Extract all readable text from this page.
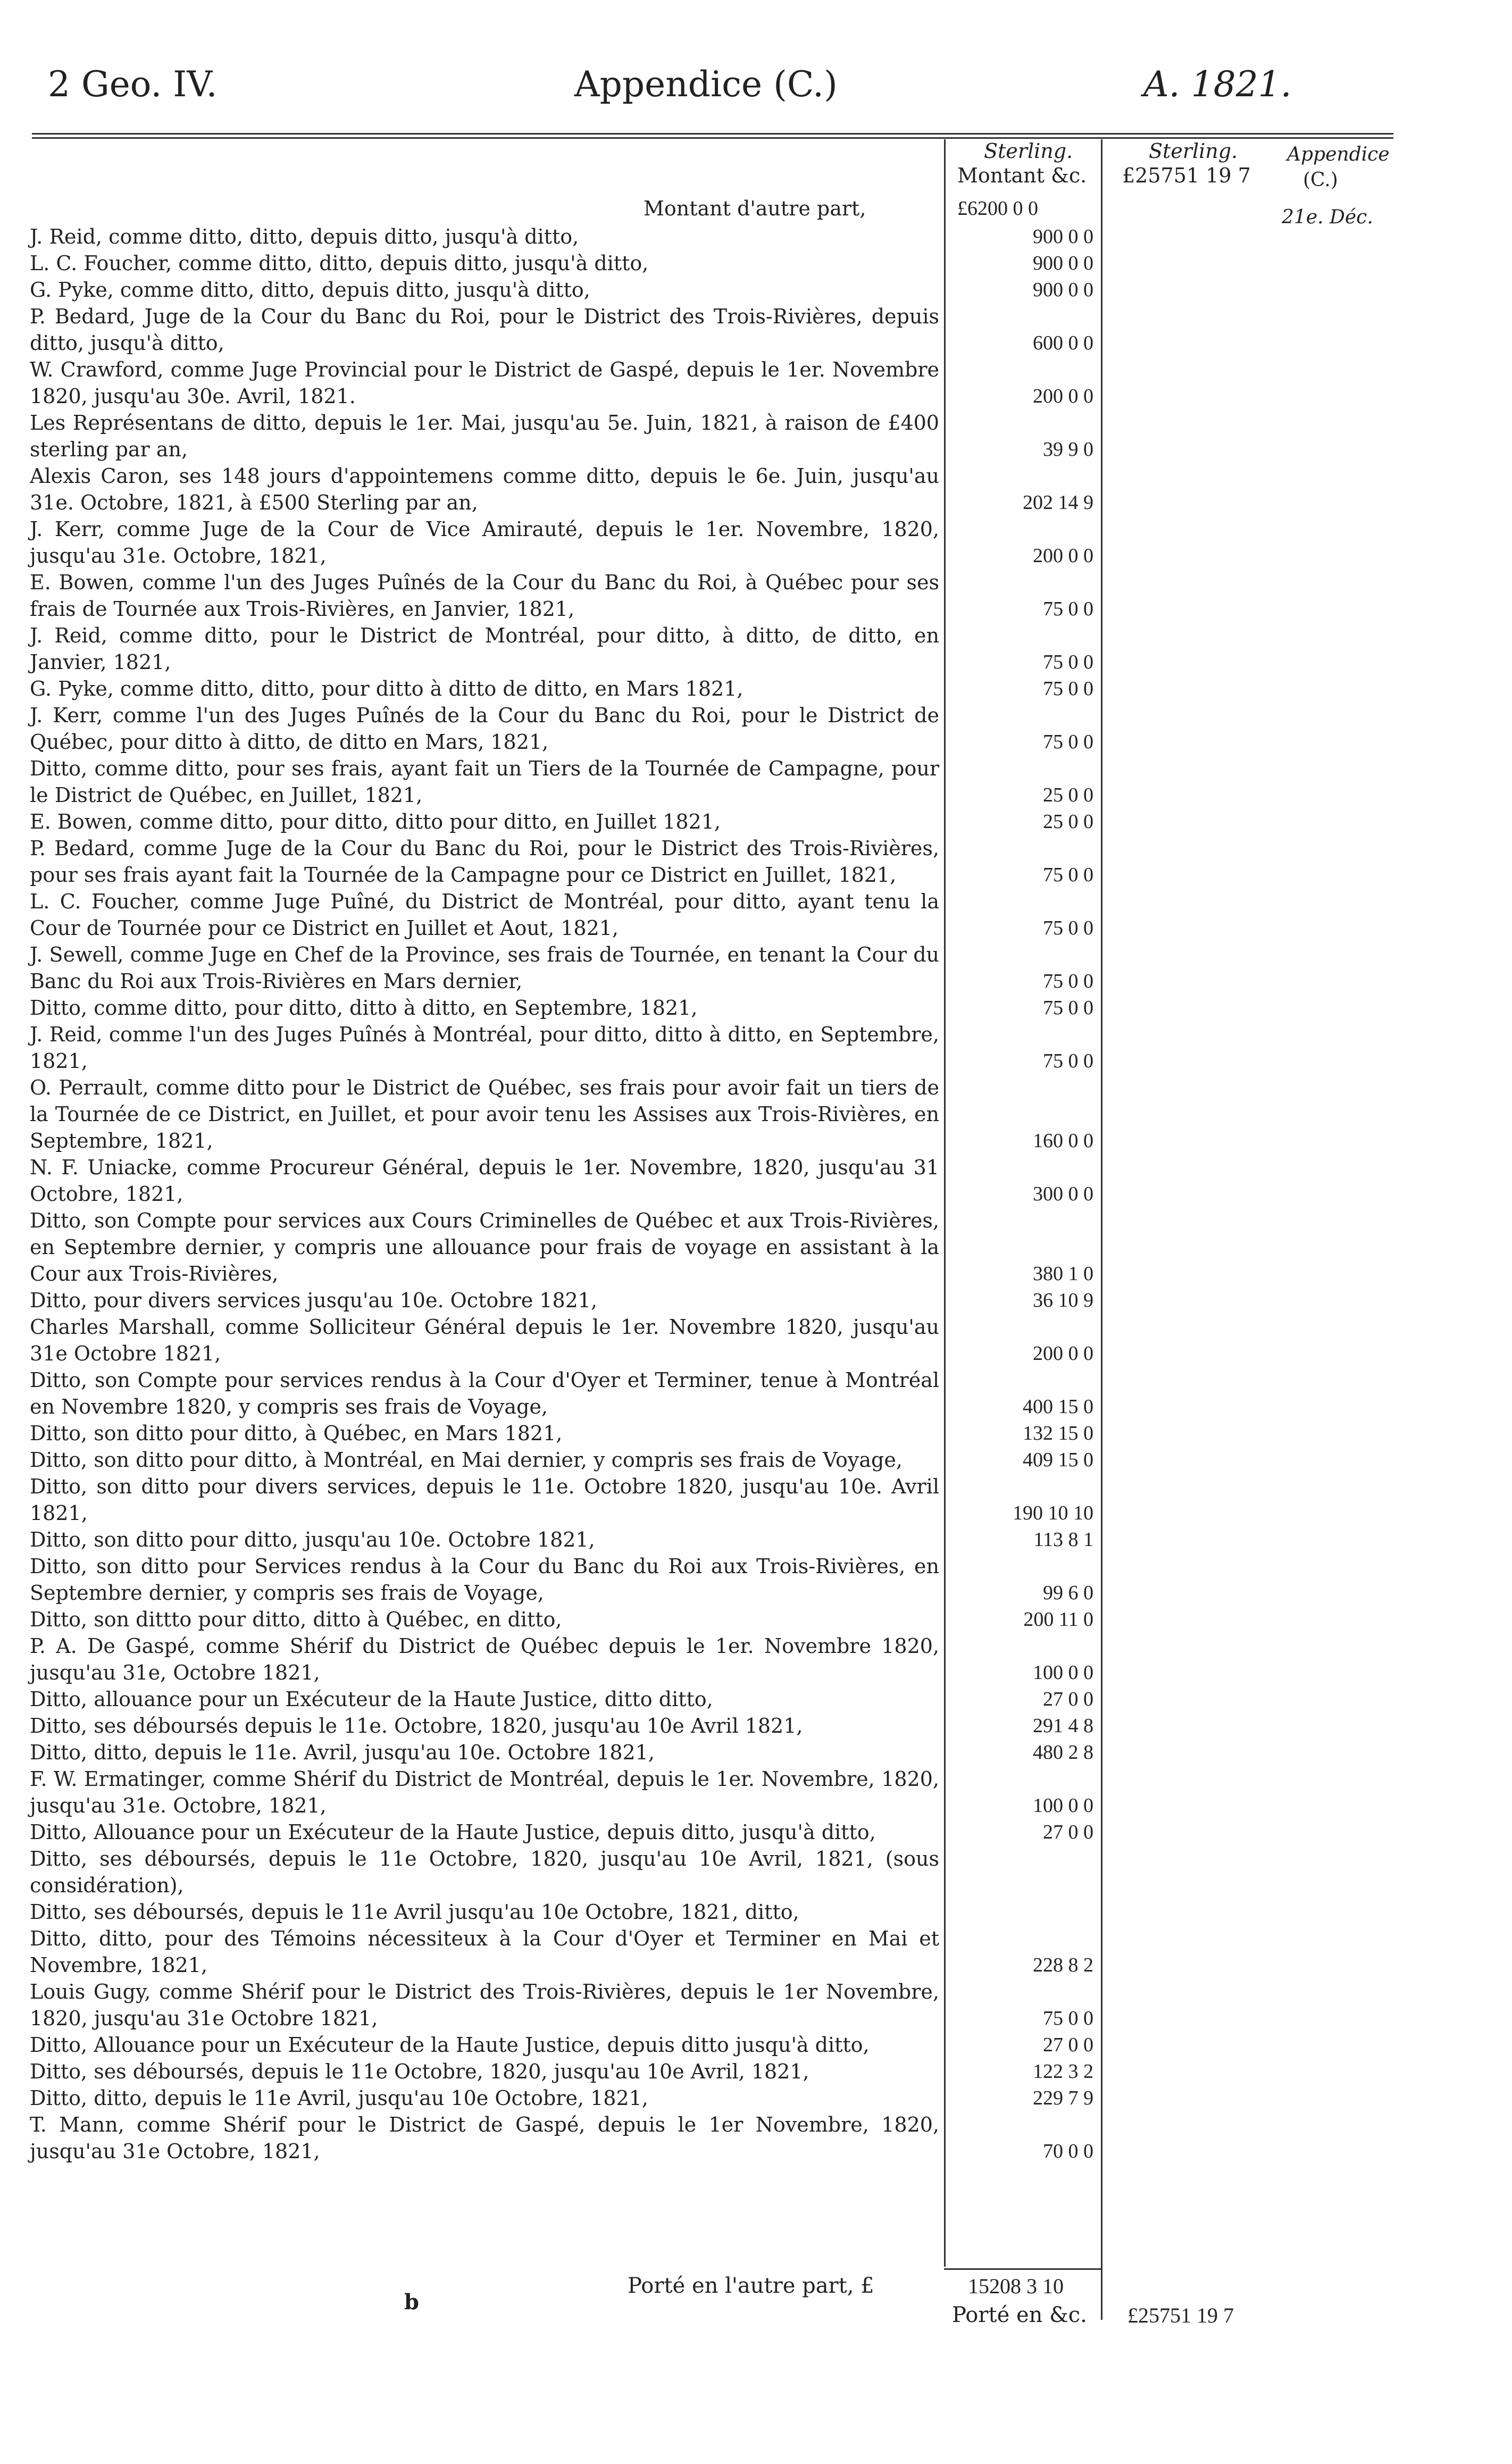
2 Geo. IV.	Appendice (C.)	A. 1821.
Sterling.
Montant &c.
Sterling.
£25751 19 7
Appendice
(C.)
21e. Déc.
Montant d'autre part,	£6200 0 0
J. Reid, comme ditto, ditto, depuis ditto, jusqu'à ditto,	900 0 0
L. C. Foucher, comme ditto, ditto, depuis ditto, jusqu'à ditto,	900 0 0
G. Pyke, comme ditto, ditto, depuis ditto, jusqu'à ditto,	900 0 0
P. Bedard, Juge de la Cour du Banc du Roi, pour le District des Trois-Rivières, depuis ditto, jusqu'à ditto,	600 0 0
W. Crawford, comme Juge Provincial pour le District de Gaspé, depuis le 1er. Novembre 1820, jusqu'au 30e. Avril, 1821.	200 0 0
Les Représentans de ditto, depuis le 1er. Mai, jusqu'au 5e. Juin, 1821, à raison de £400 sterling par an,	39 9 0
Alexis Caron, ses 148 jours d'appointemens comme ditto, depuis le 6e. Juin, jusqu'au 31e. Octobre, 1821, à £500 Sterling par an,	202 14 9
J. Kerr, comme Juge de la Cour de Vice Amirauté, depuis le 1er. Novembre, 1820, jusqu'au 31e. Octobre, 1821,	200 0 0
E. Bowen, comme l'un des Juges Puînés de la Cour du Banc du Roi, à Québec pour ses frais de Tournée aux Trois-Rivières, en Janvier, 1821,	75 0 0
J. Reid, comme ditto, pour le District de Montréal, pour ditto, à ditto, de ditto, en Janvier, 1821,	75 0 0
G. Pyke, comme ditto, ditto, pour ditto à ditto de ditto, en Mars 1821,	75 0 0
J. Kerr, comme l'un des Juges Puînés de la Cour du Banc du Roi, pour le District de Québec, pour ditto à ditto, de ditto en Mars, 1821,	75 0 0
Ditto, comme ditto, pour ses frais, ayant fait un Tiers de la Tournée de Campagne, pour le District de Québec, en Juillet, 1821,	25 0 0
E. Bowen, comme ditto, pour ditto, ditto pour ditto, en Juillet 1821,	25 0 0
P. Bedard, comme Juge de la Cour du Banc du Roi, pour le District des Trois-Rivières, pour ses frais ayant fait la Tournée de la Campagne pour ce District en Juillet, 1821,	75 0 0
L. C. Foucher, comme Juge Puîné, du District de Montréal, pour ditto, ayant tenu la Cour de Tournée pour ce District en Juillet et Aout, 1821,	75 0 0
J. Sewell, comme Juge en Chef de la Province, ses frais de Tournée, en tenant la Cour du Banc du Roi aux Trois-Rivières en Mars dernier,	75 0 0
Ditto, comme ditto, pour ditto, ditto à ditto, en Septembre, 1821,	75 0 0
J. Reid, comme l'un des Juges Puînés à Montréal, pour ditto, ditto à ditto, en Septembre, 1821,	75 0 0
O. Perrault, comme ditto pour le District de Québec, ses frais pour avoir fait un tiers de la Tournée de ce District, en Juillet, et pour avoir tenu les Assises aux Trois-Rivières, en Septembre, 1821,	160 0 0
N. F. Uniacke, comme Procureur Général, depuis le 1er. Novembre, 1820, jusqu'au 31 Octobre, 1821,	300 0 0
Ditto, son Compte pour services aux Cours Criminelles de Québec et aux Trois-Rivières, en Septembre dernier, y compris une allouance pour frais de voyage en assistant à la Cour aux Trois-Rivières,	380 1 0
Ditto, pour divers services jusqu'au 10e. Octobre 1821,	36 10 9
Charles Marshall, comme Solliciteur Général depuis le 1er. Novembre 1820, jusqu'au 31e Octobre 1821,	200 0 0
Ditto, son Compte pour services rendus à la Cour d'Oyer et Terminer, tenue à Montréal en Novembre 1820, y compris ses frais de Voyage,	400 15 0
Ditto, son ditto pour ditto, à Québec, en Mars 1821,	132 15 0
Ditto, son ditto pour ditto, à Montréal, en Mai dernier, y compris ses frais de Voyage,	409 15 0
Ditto, son ditto pour divers services, depuis le 11e. Octobre 1820, jusqu'au 10e. Avril 1821,	190 10 10
Ditto, son ditto pour ditto, jusqu'au 10e. Octobre 1821,	113 8 1
Ditto, son ditto pour Services rendus à la Cour du Banc du Roi aux Trois-Rivières, en Septembre dernier, y compris ses frais de Voyage,	99 6 0
Ditto, son dittto pour ditto, ditto à Québec, en ditto,	200 11 0
P. A. De Gaspé, comme Shérif du District de Québec depuis le 1er. Novembre 1820, jusqu'au 31e, Octobre 1821,	100 0 0
Ditto, allouance pour un Exécuteur de la Haute Justice, ditto ditto,	27 0 0
Ditto, ses déboursés depuis le 11e. Octobre, 1820, jusqu'au 10e Avril 1821,	291 4 8
Ditto, ditto, depuis le 11e. Avril, jusqu'au 10e. Octobre 1821,	480 2 8
F. W. Ermatinger, comme Shérif du District de Montréal, depuis le 1er. Novembre, 1820, jusqu'au 31e. Octobre, 1821,	100 0 0
Ditto, Allouance pour un Exécuteur de la Haute Justice, depuis ditto, jusqu'à ditto,	27 0 0
Ditto, ses déboursés, depuis le 11e Octobre, 1820, jusqu'au 10e Avril, 1821, (sous considération),
Ditto, ses déboursés, depuis le 11e Avril jusqu'au 10e Octobre, 1821, ditto,
Ditto, ditto, pour des Témoins nécessiteux à la Cour d'Oyer et Terminer en Mai et Novembre, 1821,	228 8 2
Louis Gugy, comme Shérif pour le District des Trois-Rivières, depuis le 1er Novembre, 1820, jusqu'au 31e Octobre 1821,	75 0 0
Ditto, Allouance pour un Exécuteur de la Haute Justice, depuis ditto jusqu'à ditto,	27 0 0
Ditto, ses déboursés, depuis le 11e Octobre, 1820, jusqu'au 10e Avril, 1821,	122 3 2
Ditto, ditto, depuis le 11e Avril, jusqu'au 10e Octobre, 1821,	229 7 9
T. Mann, comme Shérif pour le District de Gaspé, depuis le 1er Novembre, 1820, jusqu'au 31e Octobre, 1821,	70 0 0
Porté en l'autre part, £	15208 3 10
Porté en &c. £25751 19 7
b
